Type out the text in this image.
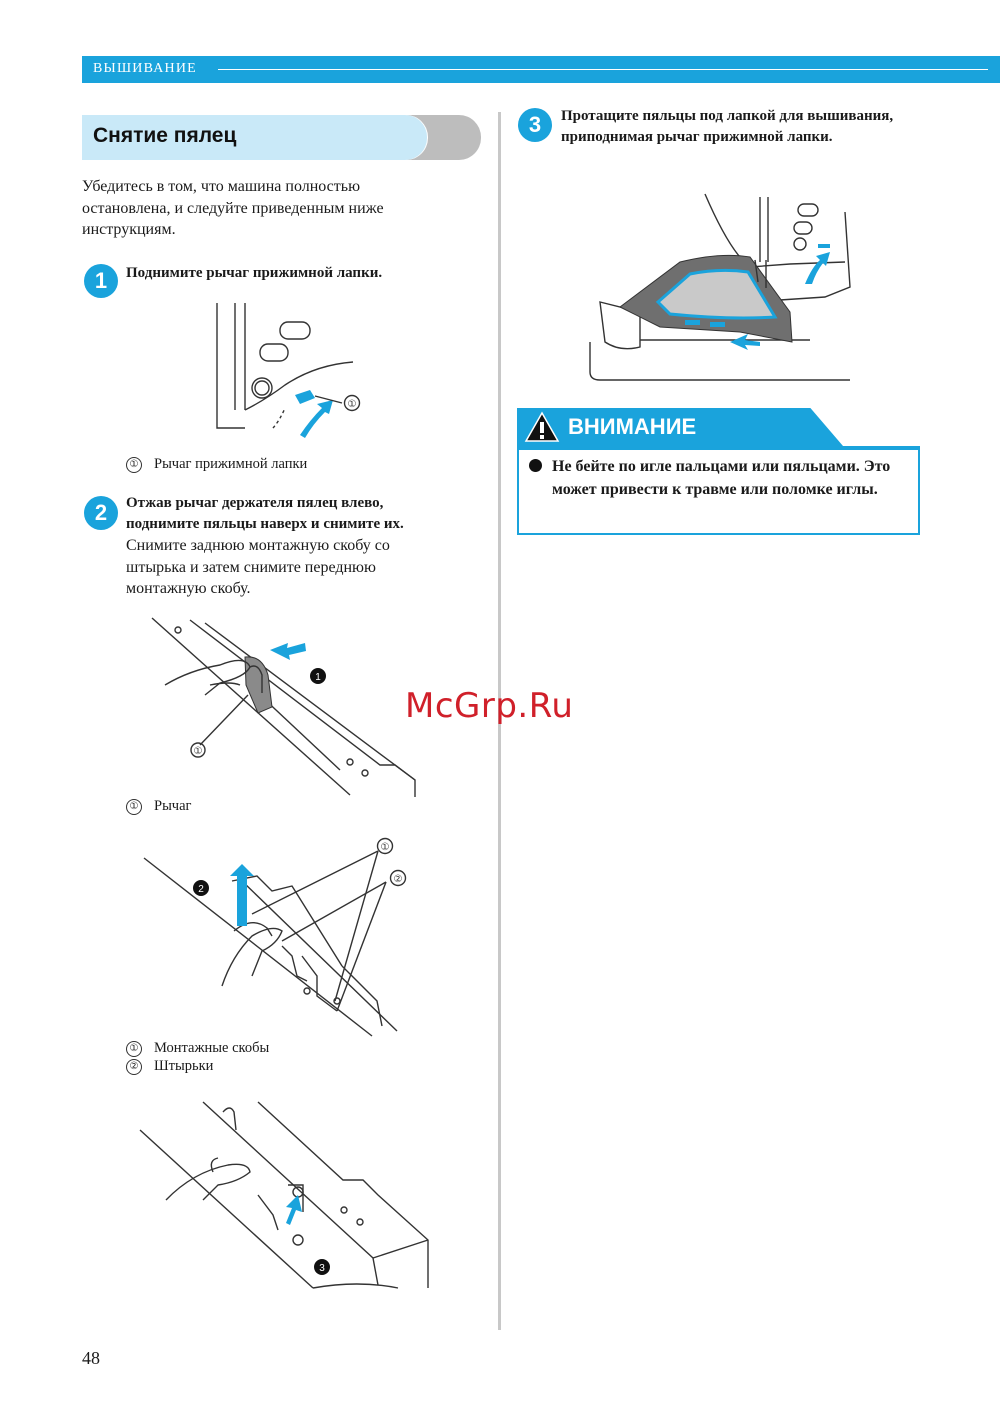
ВЫШИВАНИЕ
Снятие пялец
Убедитесь в том, что машина полностью остановлена, и следуйте приведенным ниже инструкциям.
1	Поднимите рычаг прижимной лапки.
①
① Рычаг прижимной лапки
2	Отжав рычаг держателя пялец влево, поднимите пяльцы наверх и снимите их.
Снимите заднюю монтажную скобу со штырька и затем снимите переднюю монтажную скобу.
①
1
① Рычаг
①
②
2
① Монтажные скобы
② Штырьки
3
3	Протащите пяльцы под лапкой для вышивания, приподнимая рычаг прижимной лапки.
ВНИМАНИЕ
Не бейте по игле пальцами или пяльцами. Это может привести к травме или поломке иглы.
McGrp.Ru
48
